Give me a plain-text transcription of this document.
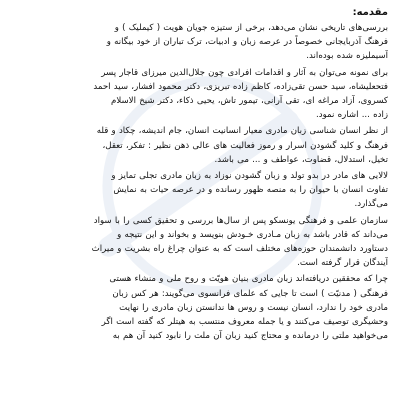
مقدمه:
بررسی‌های تاریخی نشان می‌دهد، برخی از ستیزه جویان هویت ( کیملیک ) و
فرهنگ آذربایجانی خصوصاً در عرصه زبان و ادبیات، ترک تباران از خود بیگانه و
آسیملیزه شده بوده‌اند.
برای نمونه می‌توان به آثار و اقدامات افرادی چون جلال‌الدین میرزای قاجار پسر
فتحعلیشاه، سید حسن تقی‌زاده، کاظم زاده تبریزی، دکتر محمود افشار، سید احمد
کسروی، آزاد مراغه ای، تقی آرانی، تیمور تاش، یحیی ذکاء، دکتر شیخ الاسلام
زاده ... اشاره نمود.
از نظر انسان شناسی زبان مادری معیار انسانیت انسان، جام اندیشه، چکاد و قله
فرهنگ و کلید گشودن اسرار و رموز فعالیت های عالی ذهن نظیر : تفکر، تعقل،
تخیل، استدلال، قضاوت، عواطف و ... می باشد.
لالایی های مادر در بدو تولد و زبان گشودن نوزاد به زبان مادری تجلی تمایز و
تفاوت انسان با حیوان را به منصه ظهور رسانده و در عرصه حیات به نمایش
می‌گذارد.
سازمان علمی و فرهنگی یونسکو پس از سال‌ها بررسی و تحقیق کسی را با سواد
می‌داند که قادر باشد به زبان مـادری خـودش بنویسد و بخواند و این نتیجه و
دستاورد دانشمندان حوزه‌های مختلف است که به عنوان چراغ راه بشریت و میراث
آیندگان قرار گرفته است.
چرا که محققین دریافته‌اند زبان مادری بنیان هویّت و روح ملی و منشاء هستی
فرهنگی ( مدنیّت ) است تا جایی که علمای فرانسوی می‌گویند: هر کس زبان
مادری خود را ندارد، انسان نیست و روس ها ندانستن زبان مادری را نهایت
وحشیگری توصیف می‌کنند و یا جمله معروف منتسب به هیتلر که گفته است اگر
می‌خواهید ملتی را درمانده و محتاج کنید زبان آن ملت را نابود کنید آن هم به
